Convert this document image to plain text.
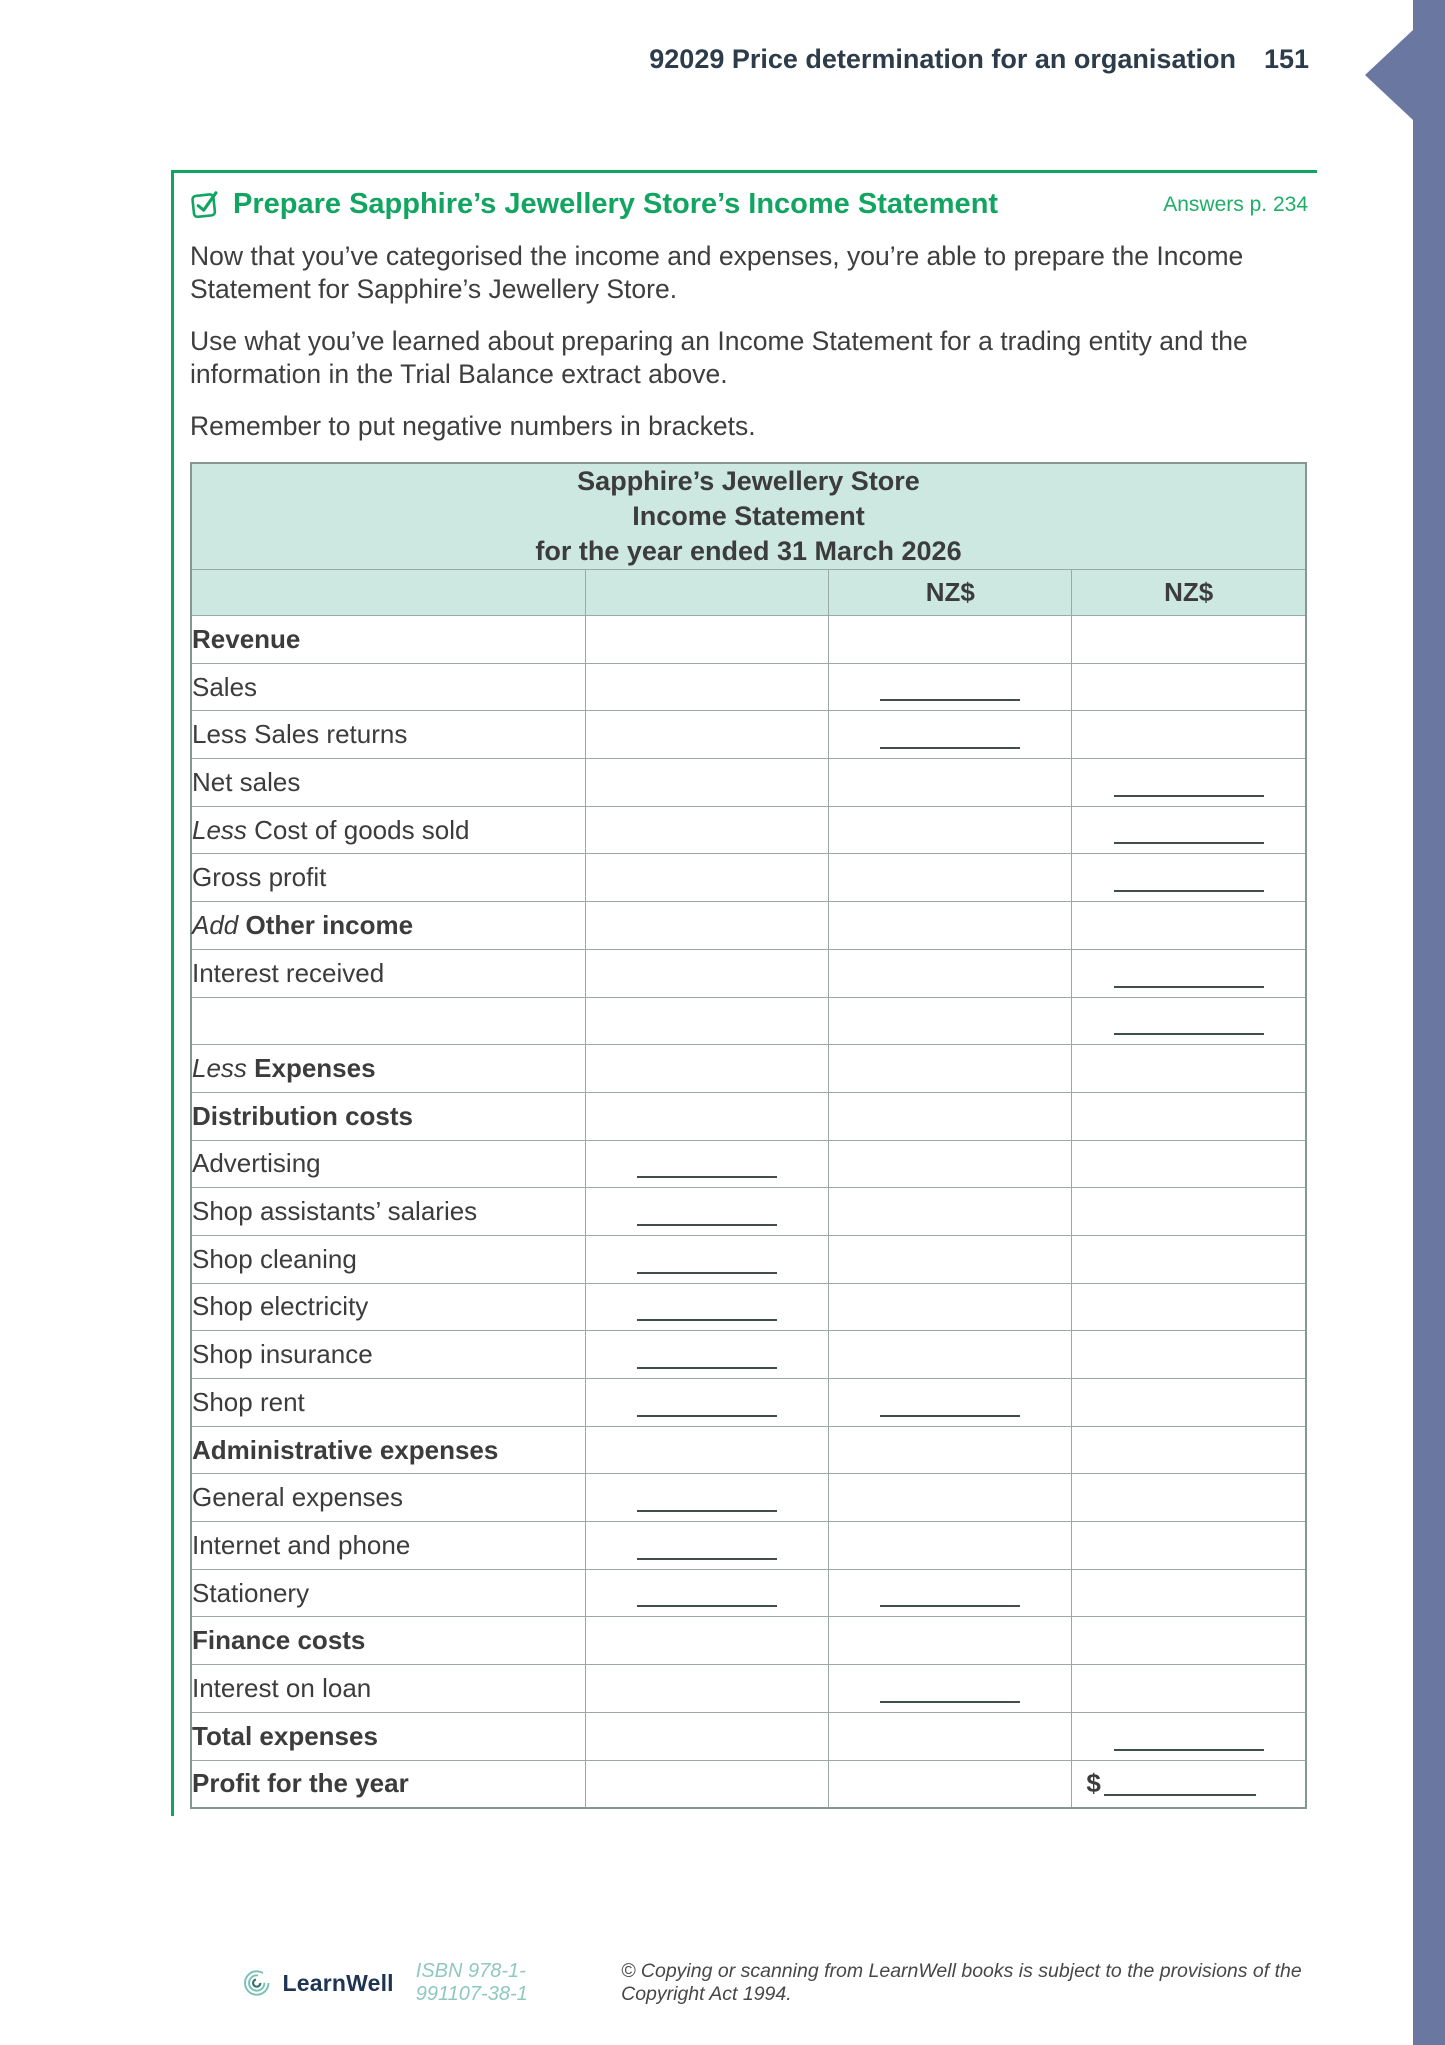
92029 Price determination for an organisation 151
Prepare Sapphire’s Jewellery Store’s Income Statement	Answers p. 234

Now that you’ve categorised the income and expenses, you’re able to prepare the Income Statement for Sapphire’s Jewellery Store.

Use what you’ve learned about preparing an Income Statement for a trading entity and the information in the Trial Balance extract above.

Remember to put negative numbers in brackets.

Sapphire’s Jewellery Store
Income Statement
for the year ended 31 March 2026			

		NZ$	NZ$
Revenue			
Sales		

Less Sales returns		

Net sales			

Less Cost of goods sold			

Gross profit			

Add Other income			
Interest received			

Less Expenses			
Distribution costs			
Advertising	

Shop assistants’ salaries	

Shop cleaning	

Shop electricity	

Shop insurance	

Shop rent	

Administrative expenses			
General expenses	

Internet and phone	

Stationery	

Finance costs			
Interest on loan		

Total expenses			

Profit for the year			$
LearnWell ISBN 978-1-991107-38-1
© Copying or scanning from LearnWell books is subject to the provisions of the Copyright Act 1994.
